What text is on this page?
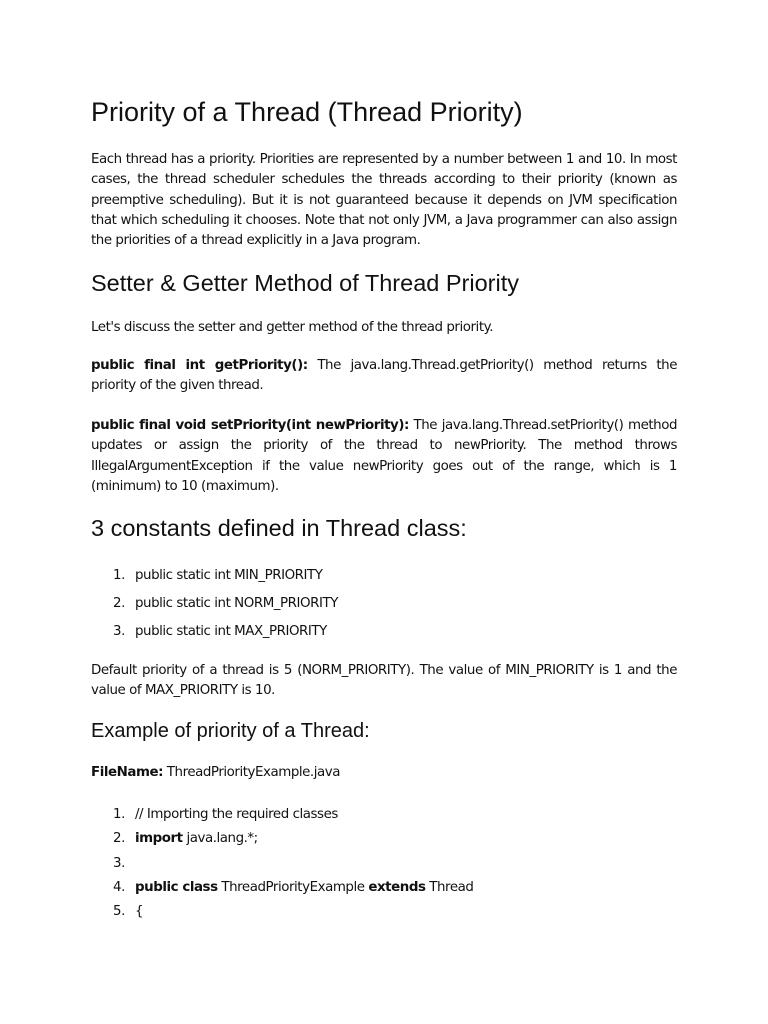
Priority of a Thread (Thread Priority)

Each thread has a priority. Priorities are represented by a number between 1 and 10. In most cases, the thread scheduler schedules the threads according to their priority (known as preemptive scheduling). But it is not guaranteed because it depends on JVM specification that which scheduling it chooses. Note that not only JVM, a Java programmer can also assign the priorities of a thread explicitly in a Java program.

Setter & Getter Method of Thread Priority

Let's discuss the setter and getter method of the thread priority.

public final int getPriority(): The java.lang.Thread.getPriority() method returns the priority of the given thread.

public final void setPriority(int newPriority): The java.lang.Thread.setPriority() method updates or assign the priority of the thread to newPriority. The method throws IllegalArgumentException if the value newPriority goes out of the range, which is 1 (minimum) to 10 (maximum).

3 constants defined in Thread class:
1. public static int MIN_PRIORITY
2. public static int NORM_PRIORITY
3. public static int MAX_PRIORITY

Default priority of a thread is 5 (NORM_PRIORITY). The value of MIN_PRIORITY is 1 and the value of MAX_PRIORITY is 10.

Example of priority of a Thread:

FileName: ThreadPriorityExample.java

1. // Importing the required classes
2. import java.lang.*;
3.
4. public class ThreadPriorityExample extends Thread
5. {
